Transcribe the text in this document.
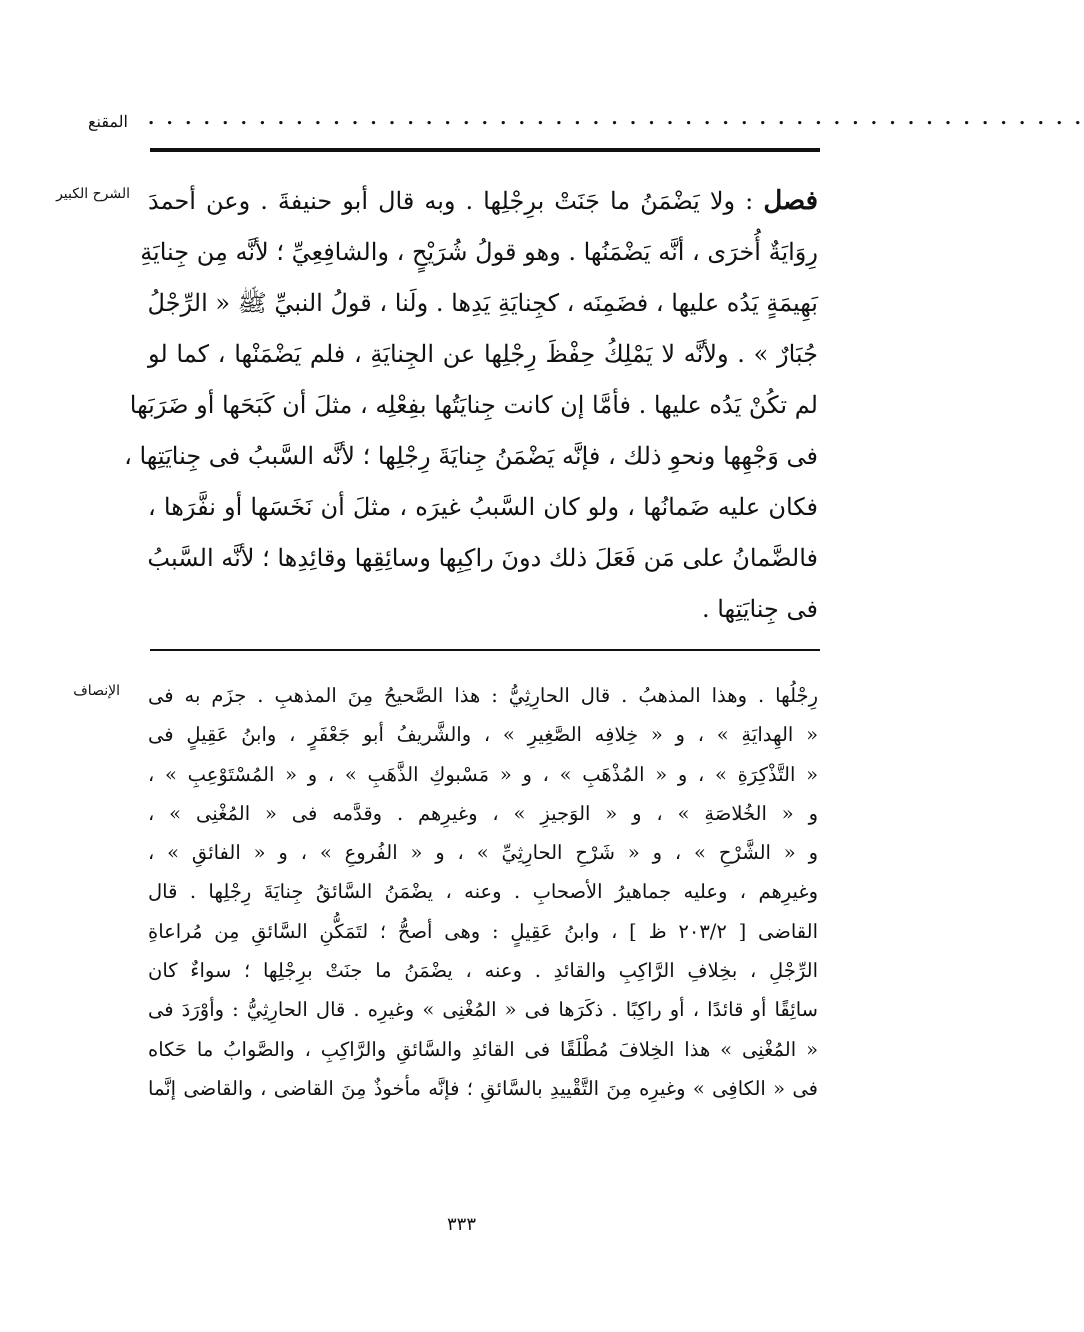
المقنع . . . . . . . . . . . . . . . . . . . . . . . . . . . . . . . . . . . . . . . . . . . . . . . . . . .
الشرح الكبير	فصل : ولا يَضْمَنُ ما جَنَتْ برِجْلِها . وبه قال أبو حنيفةَ . وعن أحمدَ
رِوَايَةٌ أُخرَى ، أنَّه يَضْمَنُها . وهو قولُ شُرَيْحٍ ، والشافِعِيِّ ؛ لأنَّه مِن جِنايَةِ
بَهِيمَةٍ يَدُه عليها ، فضَمِنَه ، كجِنايَةِ يَدِها . ولَنا ، قولُ النبيِّ ﷺ « الرِّجْلُ
جُبَارٌ » . ولأنَّه لا يَمْلِكُ حِفْظَ رِجْلِها عن الجِنايَةِ ، فلم يَضْمَنْها ، كما لو
لم تكُنْ يَدُه عليها . فأمَّا إن كانت جِنايَتُها بفِعْلِه ، مثلَ أن كَبَحَها أو ضَرَبَها
فى وَجْهِها ونحوِ ذلك ، فإنَّه يَضْمَنُ جِنايَةَ رِجْلِها ؛ لأنَّه السَّببُ فى جِنايَتِها ،
فكان عليه ضَمانُها ، ولو كان السَّببُ غيرَه ، مثلَ أن نَخَسَها أو نفَّرَها ،
فالضَّمانُ على مَن فَعَلَ ذلك دونَ راكِبِها وسائِقِها وقائِدِها ؛ لأنَّه السَّببُ
فى جِنايَتِها .
الإنصاف رِجْلُها . وهذا المذهبُ . قال الحارِثِيُّ : هذا الصَّحيحُ مِنَ المذهبِ . جزَم به فى
« الهِدايَةِ » ، و « خِلافِه الصَّغِيرِ » ، والشَّريفُ أبو جَعْفَرٍ ، وابنُ عَقِيلٍ فى
« التَّذْكِرَةِ » ، و « المُذْهَبِ » ، و « مَسْبوكِ الذَّهَبِ » ، و « المُسْتَوْعِبِ » ،
و « الخُلاصَةِ » ، و « الوَجيزِ » ، وغيرِهم . وقدَّمه فى « المُغْنِى » ،
و « الشَّرْحِ » ، و « شَرْحِ الحارِثِيِّ » ، و « الفُروعِ » ، و « الفائقِ » ،
وغيرِهم ، وعليه جماهيرُ الأصحابِ . وعنه ، يضْمَنُ السَّائقُ جِنايَةَ رِجْلِها . قال
القاضى [ ٢٠٣/٢ ظ ] ، وابنُ عَقِيلٍ : وهى أصحُّ ؛ لتَمَكُّنِ السَّائقِ مِن مُراعاةِ
الرِّجْلِ ، بخِلافِ الرَّاكِبِ والقائدِ . وعنه ، يضْمَنُ ما جنَتْ برِجْلِها ؛ سواءٌ كان
سائِقًا أو قائدًا ، أو راكِبًا . ذكَرَها فى « المُغْنِى » وغيرِه . قال الحارِثِيُّ : وأوْرَدَ فى
« المُغْنِى » هذا الخِلافَ مُطْلَقًا فى القائدِ والسَّائقِ والرَّاكِبِ ، والصَّوابُ ما حَكاه
فى « الكافِى » وغيرِه مِنَ التَّقْييدِ بالسَّائقِ ؛ فإنَّه مأخوذٌ مِنَ القاضى ، والقاضى إنَّما
٣٣٣
